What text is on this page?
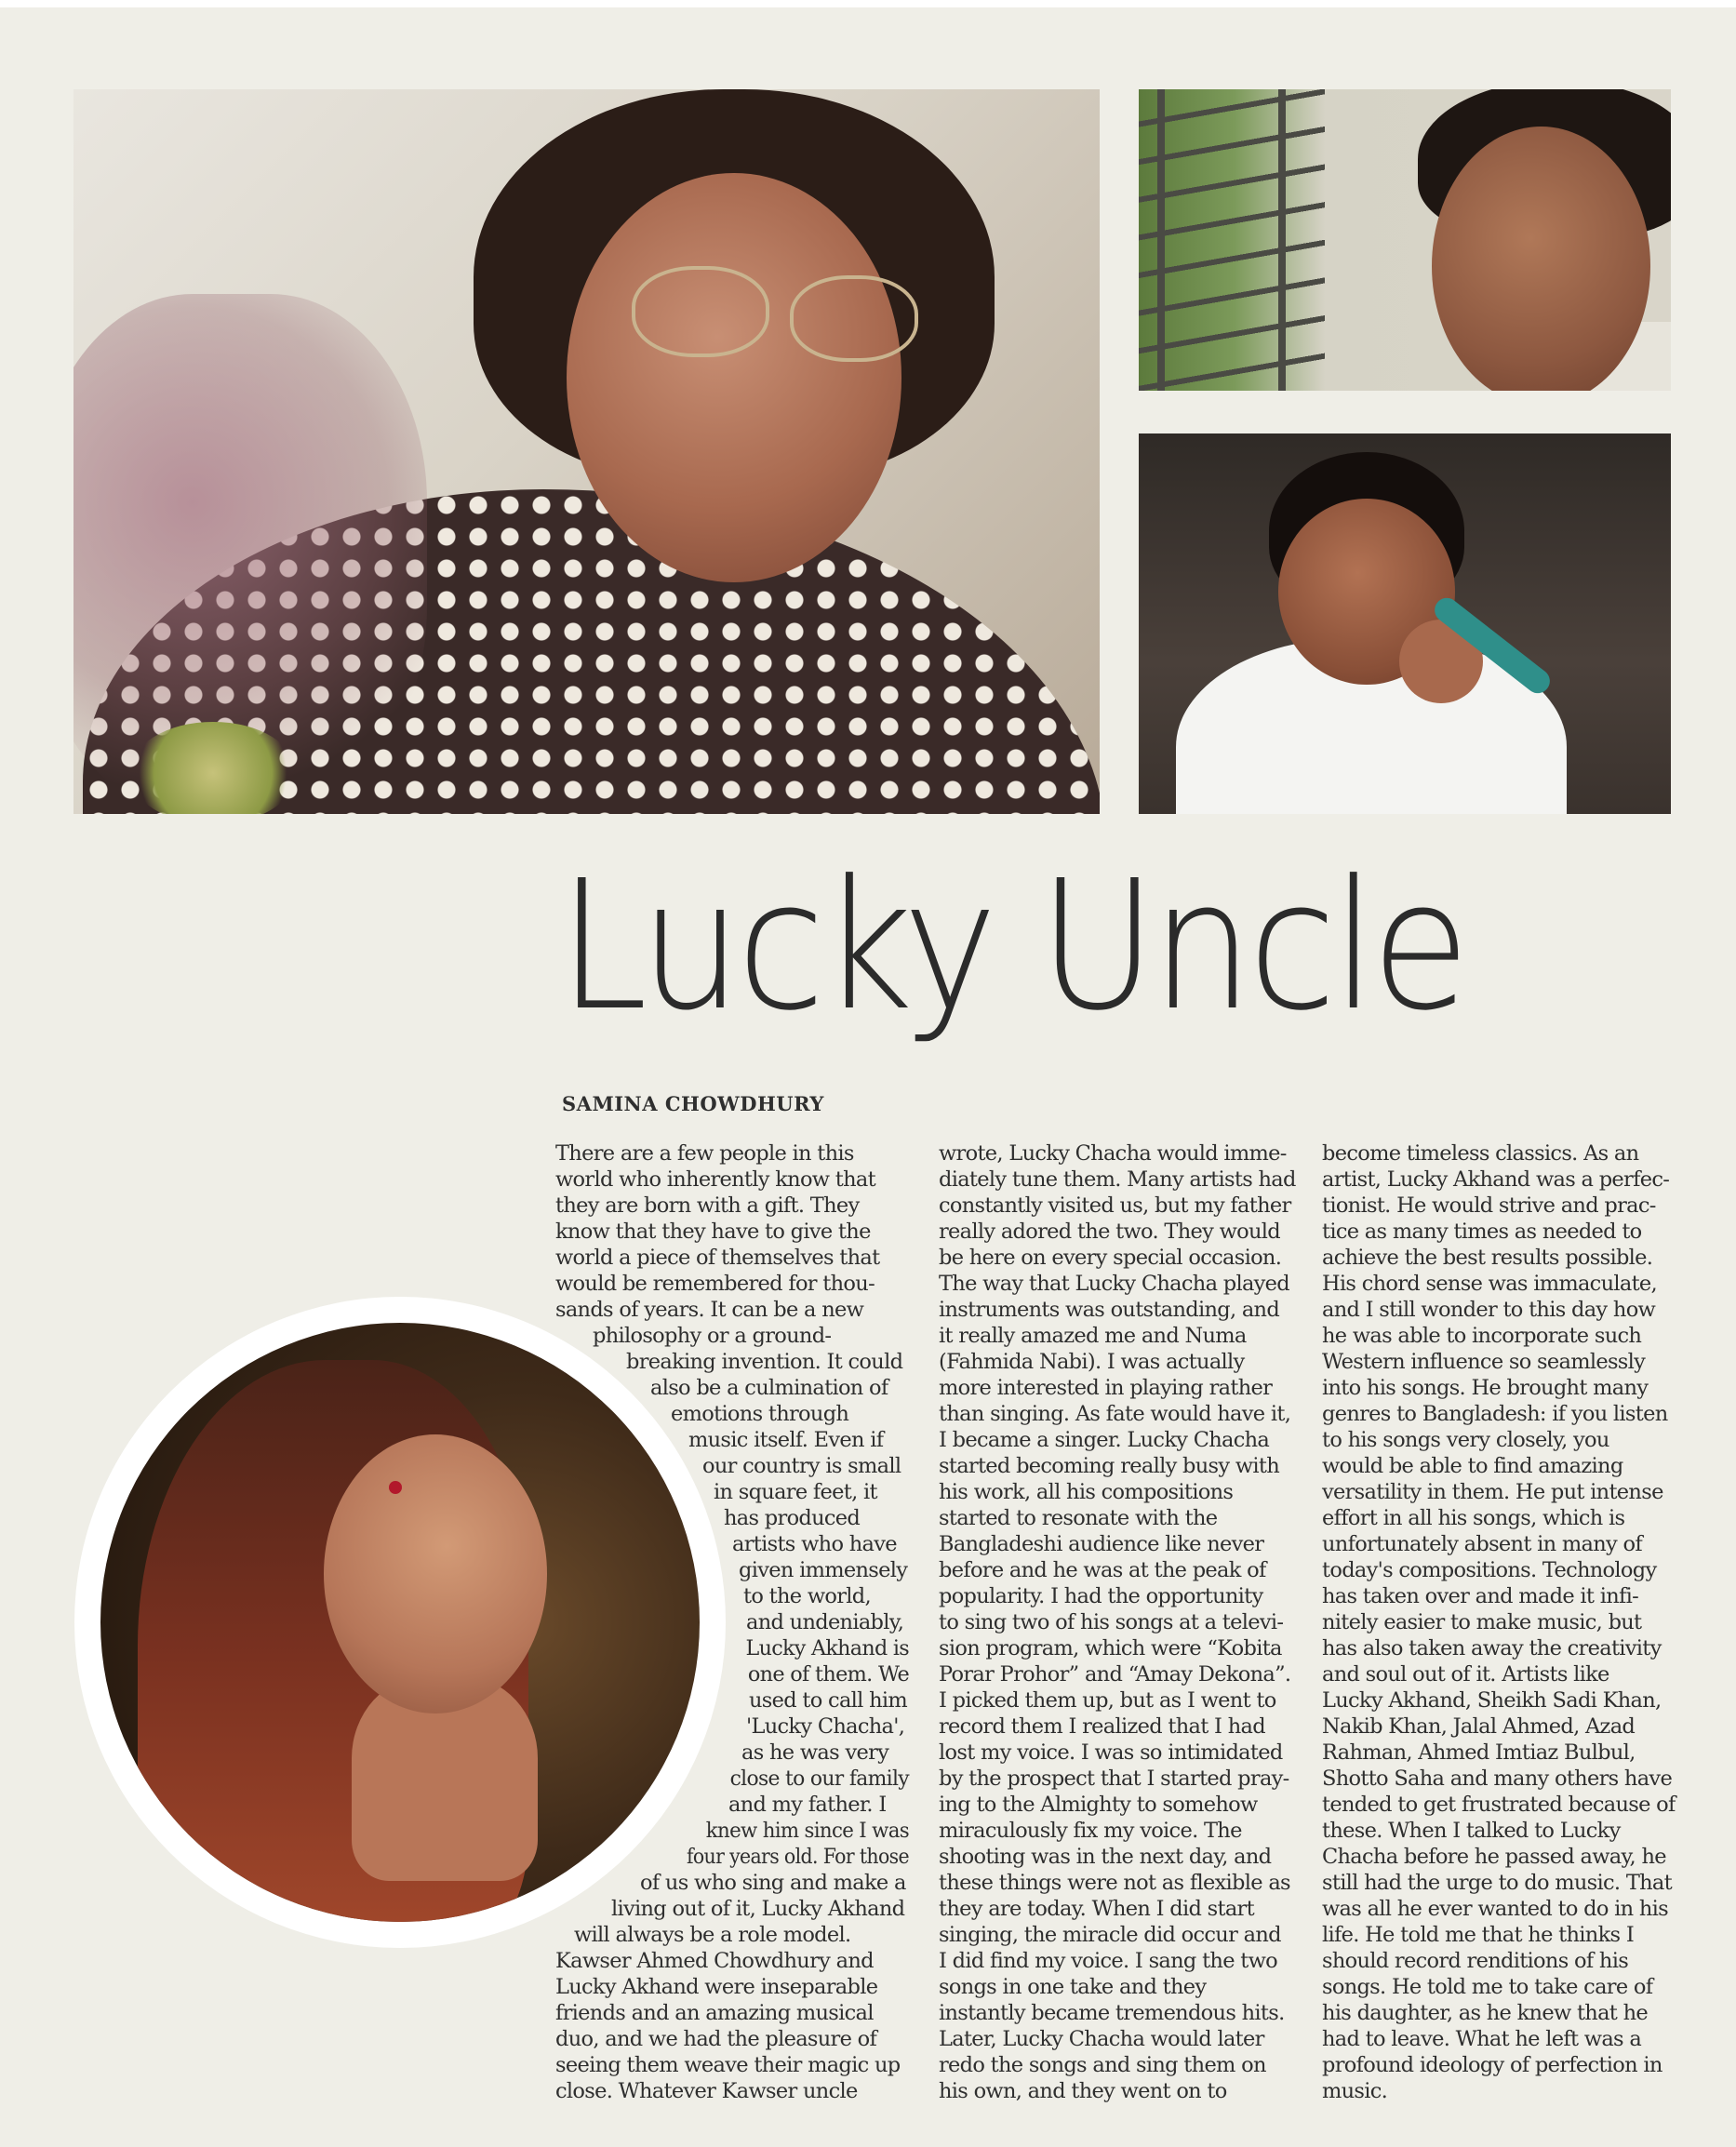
Lucky Uncle

SAMINA CHOWDHURY

There are a few people in this
world who inherently know that
they are born with a gift. They
know that they have to give the
world a piece of themselves that
would be remembered for thou-
sands of years. It can be a new
philosophy or a ground-
breaking invention. It could
also be a culmination of
emotions through
music itself. Even if
our country is small
in square feet, it
has produced
artists who have
given immensely
to the world,
and undeniably,
Lucky Akhand is
one of them. We
used to call him
'Lucky Chacha',
as he was very
close to our family
and my father. I
knew him since I was
four years old. For those
of us who sing and make a
living out of it, Lucky Akhand
will always be a role model.
Kawser Ahmed Chowdhury and
Lucky Akhand were inseparable
friends and an amazing musical
duo, and we had the pleasure of
seeing them weave their magic up
close. Whatever Kawser uncle
wrote, Lucky Chacha would imme-
diately tune them. Many artists had
constantly visited us, but my father
really adored the two. They would
be here on every special occasion.
The way that Lucky Chacha played
instruments was outstanding, and
it really amazed me and Numa
(Fahmida Nabi). I was actually
more interested in playing rather
than singing. As fate would have it,
I became a singer. Lucky Chacha
started becoming really busy with
his work, all his compositions
started to resonate with the
Bangladeshi audience like never
before and he was at the peak of
popularity. I had the opportunity
to sing two of his songs at a televi-
sion program, which were “Kobita
Porar Prohor” and “Amay Dekona”.
I picked them up, but as I went to
record them I realized that I had
lost my voice. I was so intimidated
by the prospect that I started pray-
ing to the Almighty to somehow
miraculously fix my voice. The
shooting was in the next day, and
these things were not as flexible as
they are today. When I did start
singing, the miracle did occur and
I did find my voice. I sang the two
songs in one take and they
instantly became tremendous hits.
Later, Lucky Chacha would later
redo the songs and sing them on
his own, and they went on to
become timeless classics. As an
artist, Lucky Akhand was a perfec-
tionist. He would strive and prac-
tice as many times as needed to
achieve the best results possible.
His chord sense was immaculate,
and I still wonder to this day how
he was able to incorporate such
Western influence so seamlessly
into his songs. He brought many
genres to Bangladesh: if you listen
to his songs very closely, you
would be able to find amazing
versatility in them. He put intense
effort in all his songs, which is
unfortunately absent in many of
today's compositions. Technology
has taken over and made it infi-
nitely easier to make music, but
has also taken away the creativity
and soul out of it. Artists like
Lucky Akhand, Sheikh Sadi Khan,
Nakib Khan, Jalal Ahmed, Azad
Rahman, Ahmed Imtiaz Bulbul,
Shotto Saha and many others have
tended to get frustrated because of
these. When I talked to Lucky
Chacha before he passed away, he
still had the urge to do music. That
was all he ever wanted to do in his
life. He told me that he thinks I
should record renditions of his
songs. He told me to take care of
his daughter, as he knew that he
had to leave. What he left was a
profound ideology of perfection in
music.
